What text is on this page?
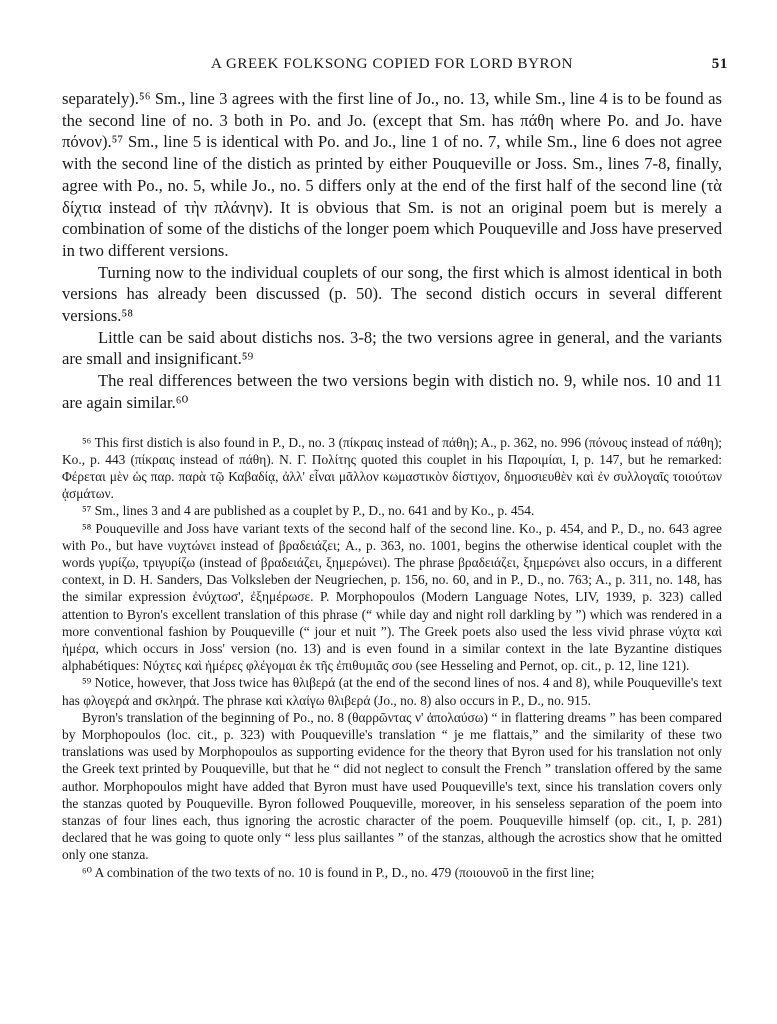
A GREEK FOLKSONG COPIED FOR LORD BYRON	51

separately).⁵⁶ Sm., line 3 agrees with the first line of Jo., no. 13, while Sm., line 4 is to be found as the second line of no. 3 both in Po. and Jo. (except that Sm. has πάθη where Po. and Jo. have πόνον).⁵⁷ Sm., line 5 is identical with Po. and Jo., line 1 of no. 7, while Sm., line 6 does not agree with the second line of the distich as printed by either Pouqueville or Joss. Sm., lines 7-8, finally, agree with Po., no. 5, while Jo., no. 5 differs only at the end of the first half of the second line (τὰ δίχτια instead of τὴν πλάνην). It is obvious that Sm. is not an original poem but is merely a combination of some of the distichs of the longer poem which Pouqueville and Joss have preserved in two different versions.

Turning now to the individual couplets of our song, the first which is almost identical in both versions has already been discussed (p. 50). The second distich occurs in several different versions.⁵⁸

Little can be said about distichs nos. 3-8; the two versions agree in general, and the variants are small and insignificant.⁵⁹

The real differences between the two versions begin with distich no. 9, while nos. 10 and 11 are again similar.⁶⁰

⁵⁶ This first distich is also found in P., D., no. 3 (πίκραις instead of πάθη); A., p. 362, no. 996 (πόνους instead of πάθη); Ko., p. 443 (πίκραις instead of πάθη). N. Γ. Πολίτης quoted this couplet in his Παροιμίαι, I, p. 147, but he remarked: Φέρεται μὲν ὡς παρ. παρὰ τῷ Καβαδίᾳ, ἀλλ' εἶναι μᾶλλον κωμαστικὸν δίστιχον, δημοσιευθὲν καὶ ἐν συλλογαῖς τοιούτων ᾀσμάτων.

⁵⁷ Sm., lines 3 and 4 are published as a couplet by P., D., no. 641 and by Ko., p. 454.

⁵⁸ Pouqueville and Joss have variant texts of the second half of the second line. Ko., p. 454, and P., D., no. 643 agree with Po., but have νυχτώνει instead of βραδειάζει; A., p. 363, no. 1001, begins the otherwise identical couplet with the words γυρίζω, τριγυρίζω (instead of βραδειάζει, ξημερώνει). The phrase βραδειάζει, ξημερώνει also occurs, in a different context, in D. H. Sanders, Das Volksleben der Neugriechen, p. 156, no. 60, and in P., D., no. 763; A., p. 311, no. 148, has the similar expression ἐνύχτωσ', ἐξημέρωσε. P. Morphopoulos (Modern Language Notes, LIV, 1939, p. 323) called attention to Byron's excellent translation of this phrase (“ while day and night roll darkling by ”) which was rendered in a more conventional fashion by Pouqueville (“ jour et nuit ”). The Greek poets also used the less vivid phrase νύχτα καὶ ἡμέρα, which occurs in Joss' version (no. 13) and is even found in a similar context in the late Byzantine distiques alphabétiques: Νύχτες καὶ ἡμέρες φλέγομαι ἐκ τῆς ἐπιθυμιᾶς σου (see Hesseling and Pernot, op. cit., p. 12, line 121).

⁵⁹ Notice, however, that Joss twice has θλιβερά (at the end of the second lines of nos. 4 and 8), while Pouqueville's text has φλογερά and σκληρά. The phrase καὶ κλαίγω θλιβερά (Jo., no. 8) also occurs in P., D., no. 915.

Byron's translation of the beginning of Po., no. 8 (θαρρῶντας ν' ἀπολαύσω) “ in flattering dreams ” has been compared by Morphopoulos (loc. cit., p. 323) with Pouqueville's translation “ je me flattais,” and the similarity of these two translations was used by Morphopoulos as supporting evidence for the theory that Byron used for his translation not only the Greek text printed by Pouqueville, but that he “ did not neglect to consult the French ” translation offered by the same author. Morphopoulos might have added that Byron must have used Pouqueville's text, since his translation covers only the stanzas quoted by Pouqueville. Byron followed Pouqueville, moreover, in his senseless separation of the poem into stanzas of four lines each, thus ignoring the acrostic character of the poem. Pouqueville himself (op. cit., I, p. 281) declared that he was going to quote only “ less plus saillantes ” of the stanzas, although the acrostics show that he omitted only one stanza.

⁶⁰ A combination of the two texts of no. 10 is found in P., D., no. 479 (ποιουνοῦ in the first line;
